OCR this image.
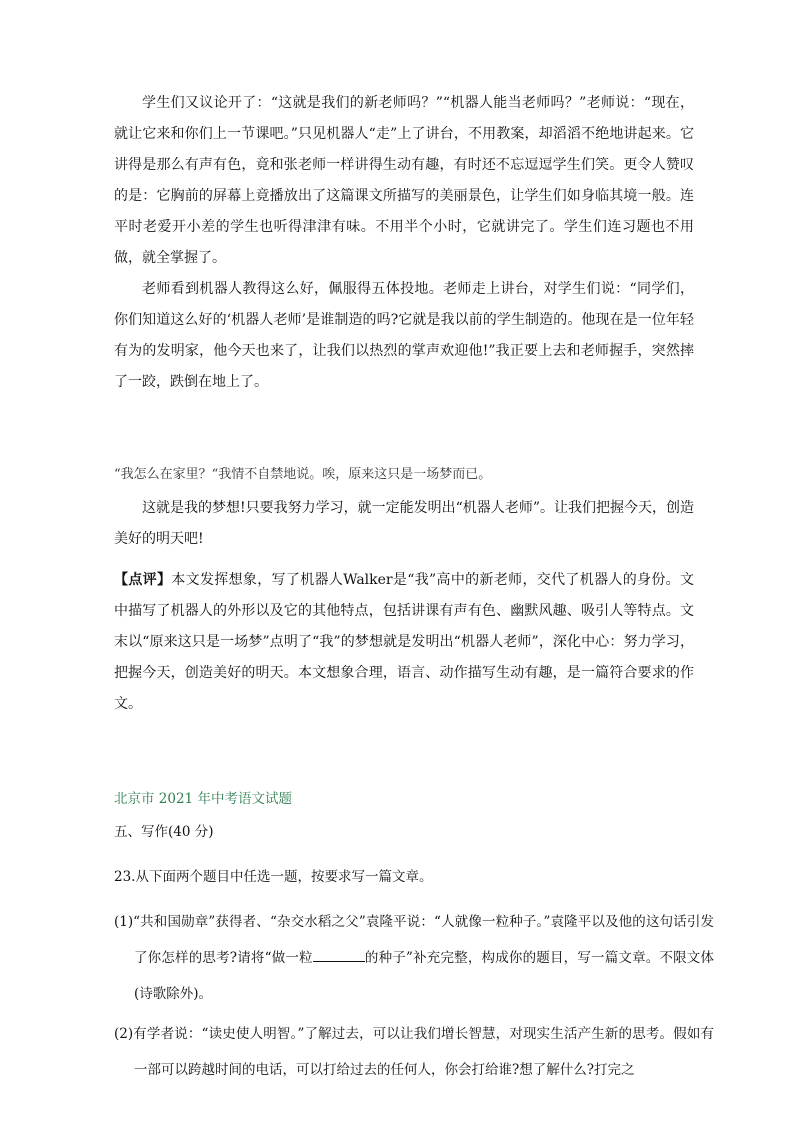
学生们又议论开了：“这就是我们的新老师吗？”“机器人能当老师吗？”老师说：“现在，就让它来和你们上一节课吧。”只见机器人“走”上了讲台，不用教案，却滔滔不绝地讲起来。它讲得是那么有声有色，竟和张老师一样讲得生动有趣，有时还不忘逗逗学生们笑。更令人赞叹的是：它胸前的屏幕上竟播放出了这篇课文所描写的美丽景色，让学生们如身临其境一般。连平时老爱开小差的学生也听得津津有味。不用半个小时，它就讲完了。学生们连习题也不用做，就全掌握了。

老师看到机器人教得这么好，佩服得五体投地。老师走上讲台，对学生们说：“同学们，你们知道这么好的‘机器人老师’是谁制造的吗?它就是我以前的学生制造的。他现在是一位年轻有为的发明家，他今天也来了，让我们以热烈的掌声欢迎他!”我正要上去和老师握手，突然摔了一跤，跌倒在地上了。

“我怎么在家里？“我情不自禁地说。唉，原来这只是一场梦而已。

这就是我的梦想!只要我努力学习，就一定能发明出“机器人老师”。让我们把握今天，创造美好的明天吧!

【点评】本文发挥想象，写了机器人Walker是“我”高中的新老师，交代了机器人的身份。文中描写了机器人的外形以及它的其他特点，包括讲课有声有色、幽默风趣、吸引人等特点。文末以“原来这只是一场梦”点明了“我”的梦想就是发明出“机器人老师”，深化中心：努力学习，把握今天，创造美好的明天。本文想象合理，语言、动作描写生动有趣，是一篇符合要求的作文。

北京市 2021 年中考语文试题

五、写作(40 分)

23.从下面两个题目中任选一题，按要求写一篇文章。

(1)“共和国勋章”获得者、“杂交水稻之父”袁隆平说：“人就像一粒种子。”袁隆平以及他的这句话引发了你怎样的思考?请将“做一粒	的种子”补充完整，构成你的题目，写一篇文章。不限文体(诗歌除外)。

(2)有学者说：“读史使人明智。”了解过去，可以让我们增长智慧，对现实生活产生新的思考。假如有一部可以跨越时间的电话，可以打给过去的任何人，你会打给谁?想了解什么?打完之
